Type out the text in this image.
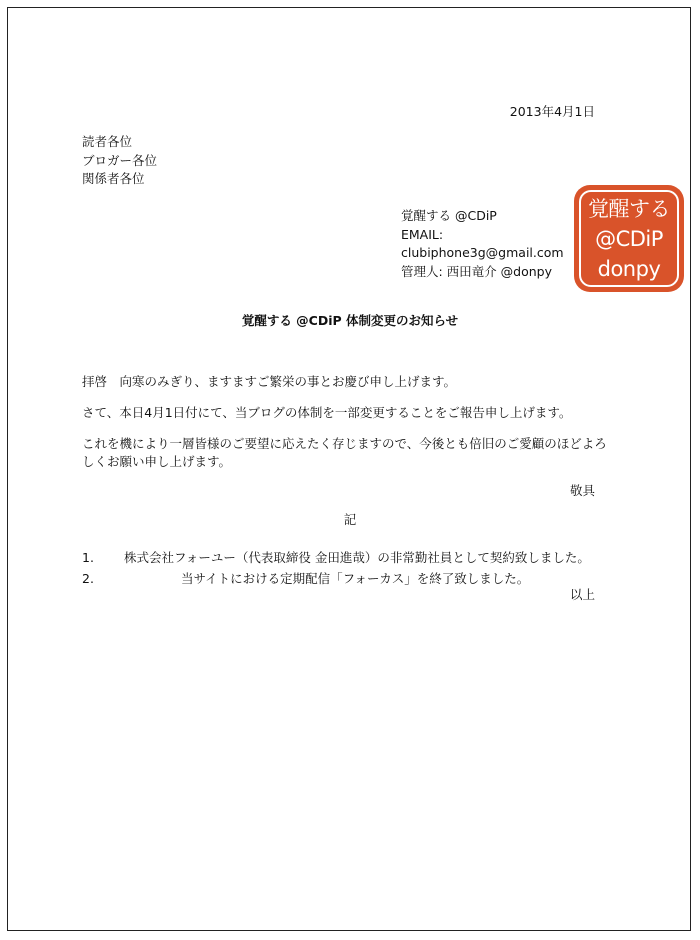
2013年4月1日
読者各位
ブロガー各位
関係者各位
覚醒する @CDiP
EMAIL:
clubiphone3g@gmail.com
管理人: 西田竜介 @donpy
覚醒する
@CDiP
donpy
覚醒する @CDiP 体制変更のお知らせ
拝啓　向寒のみぎり、ますますご繁栄の事とお慶び申し上げます。
さて、本日4月1日付にて、当ブログの体制を一部変更することをご報告申し上げます。
これを機により一層皆様のご要望に応えたく存じますので、今後とも倍旧のご愛顧のほどよろ
しくお願い申し上げます。
敬具
記
1. 株式会社フォーユー（代表取締役 金田進哉）の非常勤社員として契約致しました。
2.	当サイトにおける定期配信「フォーカス」を終了致しました。
以上
